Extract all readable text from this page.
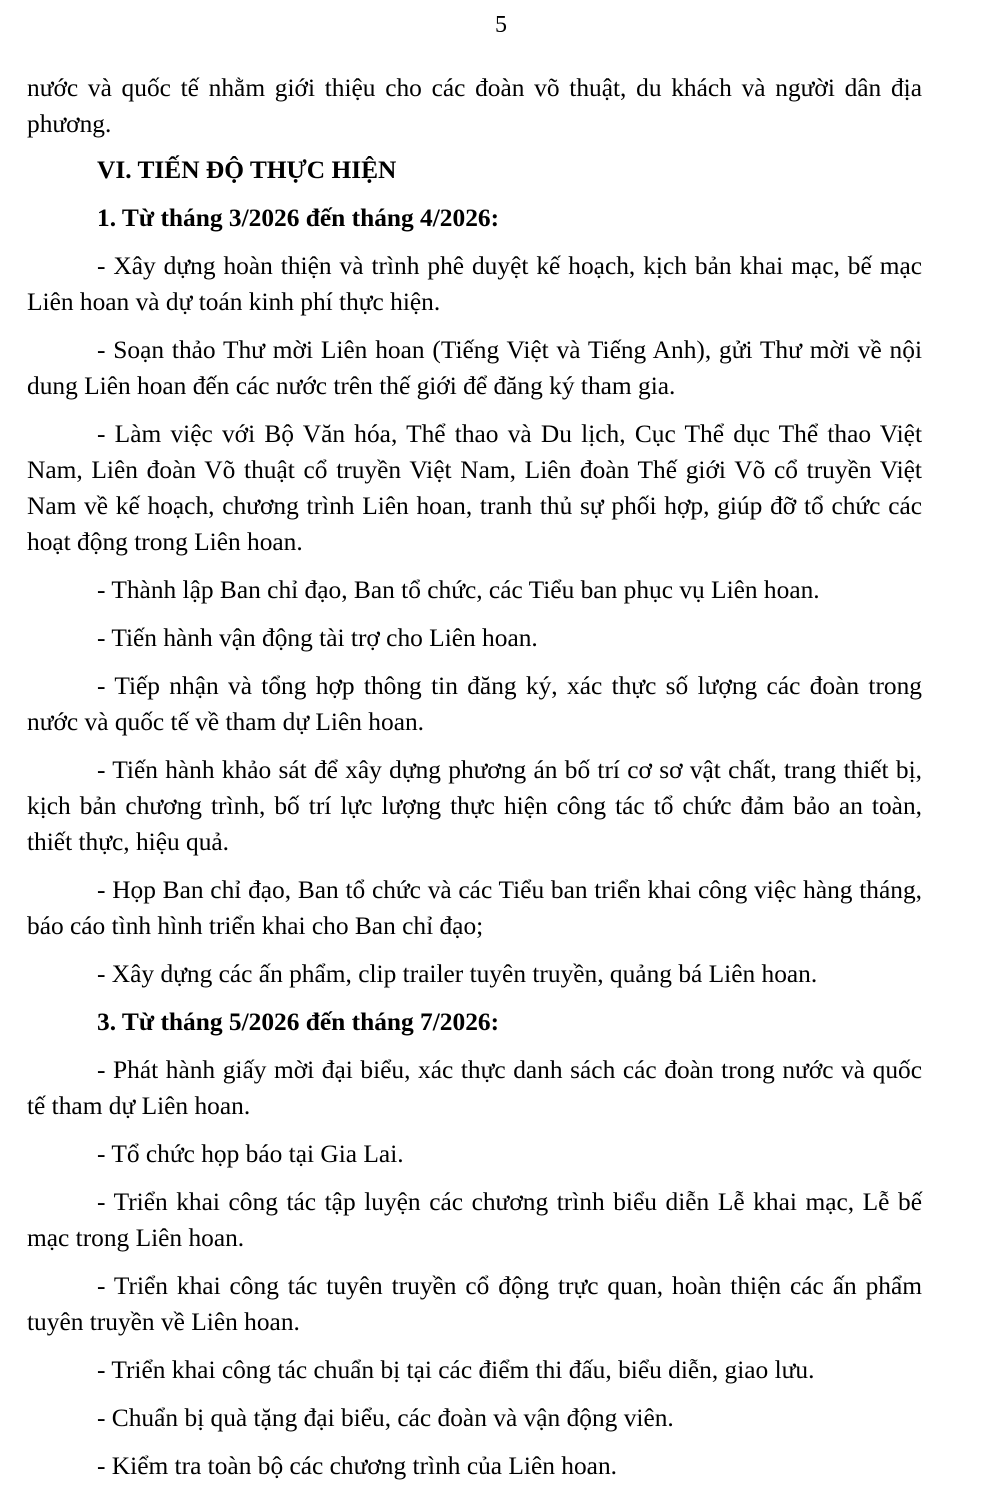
5

nước và quốc tế nhằm giới thiệu cho các đoàn võ thuật, du khách và người dân địa phương.

VI. TIẾN ĐỘ THỰC HIỆN

1. Từ tháng 3/2026 đến tháng 4/2026:

- Xây dựng hoàn thiện và trình phê duyệt kế hoạch, kịch bản khai mạc, bế mạc Liên hoan và dự toán kinh phí thực hiện.

- Soạn thảo Thư mời Liên hoan (Tiếng Việt và Tiếng Anh), gửi Thư mời về nội dung Liên hoan đến các nước trên thế giới để đăng ký tham gia.

- Làm việc với Bộ Văn hóa, Thể thao và Du lịch, Cục Thể dục Thể thao Việt Nam, Liên đoàn Võ thuật cổ truyền Việt Nam, Liên đoàn Thế giới Võ cổ truyền Việt Nam về kế hoạch, chương trình Liên hoan, tranh thủ sự phối hợp, giúp đỡ tổ chức các hoạt động trong Liên hoan.

- Thành lập Ban chỉ đạo, Ban tổ chức, các Tiểu ban phục vụ Liên hoan.

- Tiến hành vận động tài trợ cho Liên hoan.

- Tiếp nhận và tổng hợp thông tin đăng ký, xác thực số lượng các đoàn trong nước và quốc tế về tham dự Liên hoan.

- Tiến hành khảo sát để xây dựng phương án bố trí cơ sơ vật chất, trang thiết bị, kịch bản chương trình, bố trí lực lượng thực hiện công tác tổ chức đảm bảo an toàn, thiết thực, hiệu quả.

- Họp Ban chỉ đạo, Ban tổ chức và các Tiểu ban triển khai công việc hàng tháng, báo cáo tình hình triển khai cho Ban chỉ đạo;

- Xây dựng các ấn phẩm, clip trailer tuyên truyền, quảng bá Liên hoan.

3. Từ tháng 5/2026 đến tháng 7/2026:

- Phát hành giấy mời đại biểu, xác thực danh sách các đoàn trong nước và quốc tế tham dự Liên hoan.

- Tổ chức họp báo tại Gia Lai.

- Triển khai công tác tập luyện các chương trình biểu diễn Lễ khai mạc, Lễ bế mạc trong Liên hoan.

- Triển khai công tác tuyên truyền cổ động trực quan, hoàn thiện các ấn phẩm tuyên truyền về Liên hoan.

- Triển khai công tác chuẩn bị tại các điểm thi đấu, biểu diễn, giao lưu.

- Chuẩn bị quà tặng đại biểu, các đoàn và vận động viên.

- Kiểm tra toàn bộ các chương trình của Liên hoan.
